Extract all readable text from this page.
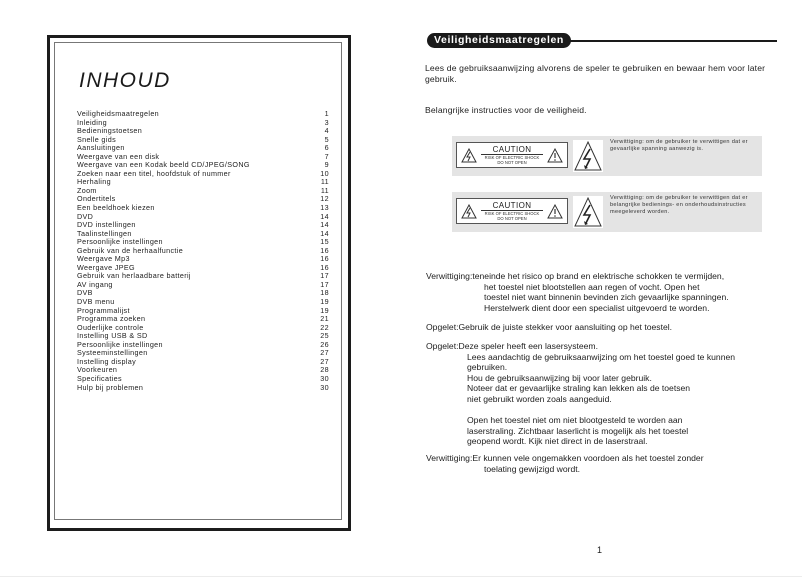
INHOUD
Veiligheidsmaatregelen	1
Inleiding	3
Bedieningstoetsen	4
Snelle gids	5
Aansluitingen	6
Weergave van een disk	7
Weergave van een Kodak beeld CD/JPEG/SONG	9
Zoeken naar een titel, hoofdstuk of nummer	10
Herhaling	11
Zoom	11
Ondertitels	12
Een beeldhoek kiezen	13
DVD	14
DVD instellingen	14
Taalinstellingen	14
Persoonlijke instellingen	15
Gebruik van de herhaalfunctie	16
Weergave Mp3	16
Weergave JPEG	16
Gebruik van herlaadbare batterij	17
AV ingang	17
DVB	18
DVB menu	19
Programmalijst	19
Programma zoeken	21
Ouderlijke controle	22
Instelling USB & SD	25
Persoonlijke instellingen	26
Systeeminstellingen	27
Instelling display	27
Voorkeuren	28
Specificaties	30
Hulp bij problemen	30
Veiligheidsmaatregelen
Lees de gebruiksaanwijzing alvorens de speler te gebruiken en bewaar hem voor later gebruik.
Belangrijke instructies voor de veiligheid.
CAUTION
RISK OF ELECTRIC SHOCK
DO NOT OPEN
Verwittiging: om de gebruiker te verwittigen dat er gevaarlijke spanning aanwezig is.
CAUTION
RISK OF ELECTRIC SHOCK
DO NOT OPEN
Verwittiging: om de gebruiker te verwittigen dat er belangrijke bedienings- en onderhoudsinstructies meegeleverd worden.
Verwittiging:teneinde het risico op brand en elektrische schokken te vermijden,
het toestel niet blootstellen aan regen of vocht. Open het
toestel niet want binnenin bevinden zich gevaarlijke spanningen.
Herstelwerk dient door een specialist uitgevoerd te worden.
Opgelet:Gebruik de juiste stekker voor aansluiting op het toestel.
Opgelet:Deze speler heeft een lasersysteem.
Lees aandachtig de gebruiksaanwijzing om het toestel goed te kunnen
gebruiken.
Hou de gebruiksaanwijzing bij voor later gebruik.
Noteer dat er gevaarlijke straling kan lekken als de toetsen
niet gebruikt worden zoals aangeduid.
Open het toestel niet om niet blootgesteld te worden aan
laserstraling. Zichtbaar laserlicht is mogelijk als het toestel
geopend wordt. Kijk niet direct in de laserstraal.
Verwittiging:Er kunnen vele ongemakken voordoen als het toestel zonder
toelating gewijzigd wordt.
1
